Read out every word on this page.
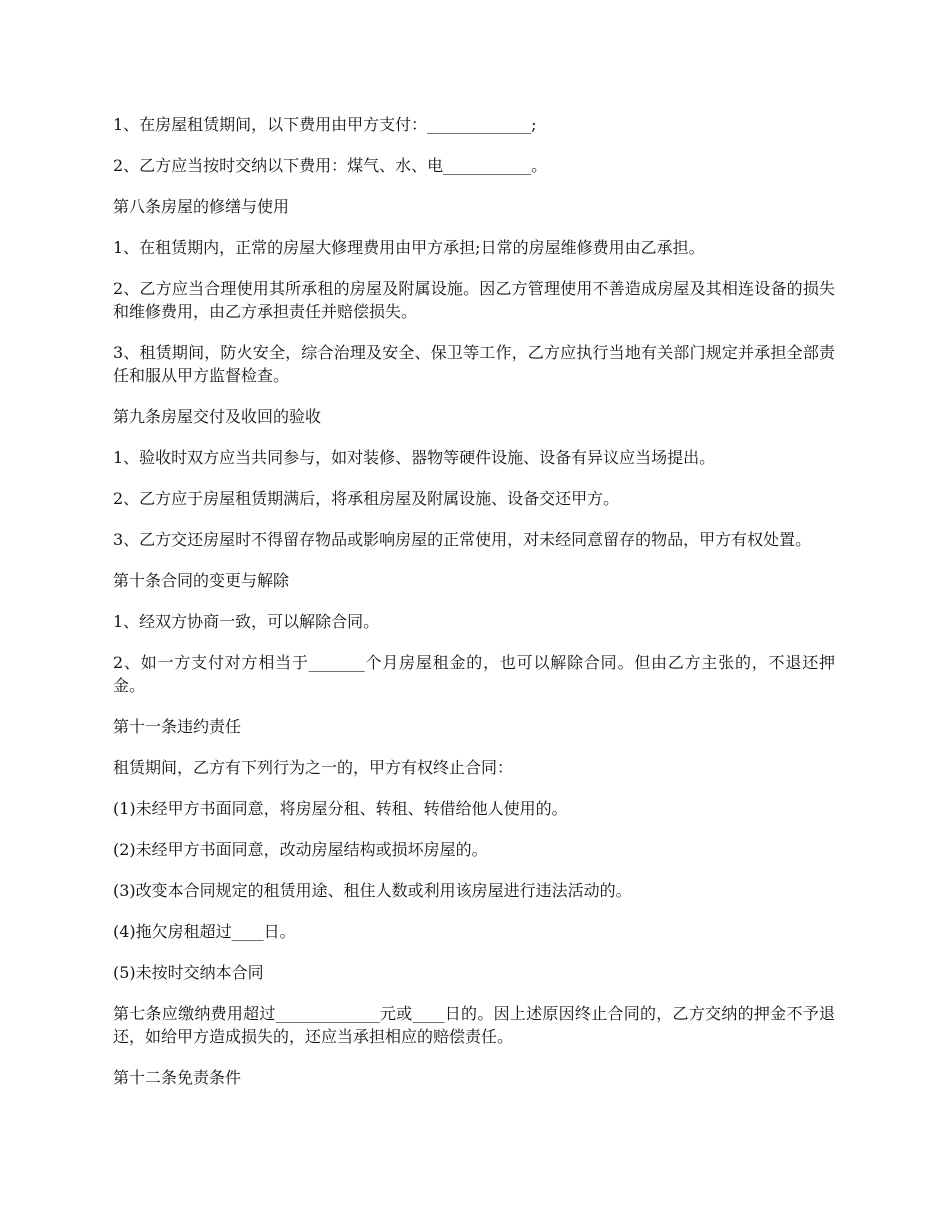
1、在房屋租赁期间，以下费用由甲方支付：_____________;

2、乙方应当按时交纳以下费用：煤气、水、电___________。

第八条房屋的修缮与使用

1、在租赁期内，正常的房屋大修理费用由甲方承担;日常的房屋维修费用由乙承担。

2、乙方应当合理使用其所承租的房屋及附属设施。因乙方管理使用不善造成房屋及其相连设备的损失和维修费用，由乙方承担责任并赔偿损失。

3、租赁期间，防火安全，综合治理及安全、保卫等工作，乙方应执行当地有关部门规定并承担全部责任和服从甲方监督检查。

第九条房屋交付及收回的验收

1、验收时双方应当共同参与，如对装修、器物等硬件设施、设备有异议应当场提出。

2、乙方应于房屋租赁期满后，将承租房屋及附属设施、设备交还甲方。

3、乙方交还房屋时不得留存物品或影响房屋的正常使用，对未经同意留存的物品，甲方有权处置。

第十条合同的变更与解除

1、经双方协商一致，可以解除合同。

2、如一方支付对方相当于_______个月房屋租金的，也可以解除合同。但由乙方主张的，不退还押金。

第十一条违约责任

租赁期间，乙方有下列行为之一的，甲方有权终止合同：

(1)未经甲方书面同意，将房屋分租、转租、转借给他人使用的。

(2)未经甲方书面同意，改动房屋结构或损坏房屋的。

(3)改变本合同规定的租赁用途、租住人数或利用该房屋进行违法活动的。

(4)拖欠房租超过____日。

(5)未按时交纳本合同

第七条应缴纳费用超过_____________元或____日的。因上述原因终止合同的，乙方交纳的押金不予退还，如给甲方造成损失的，还应当承担相应的赔偿责任。

第十二条免责条件
